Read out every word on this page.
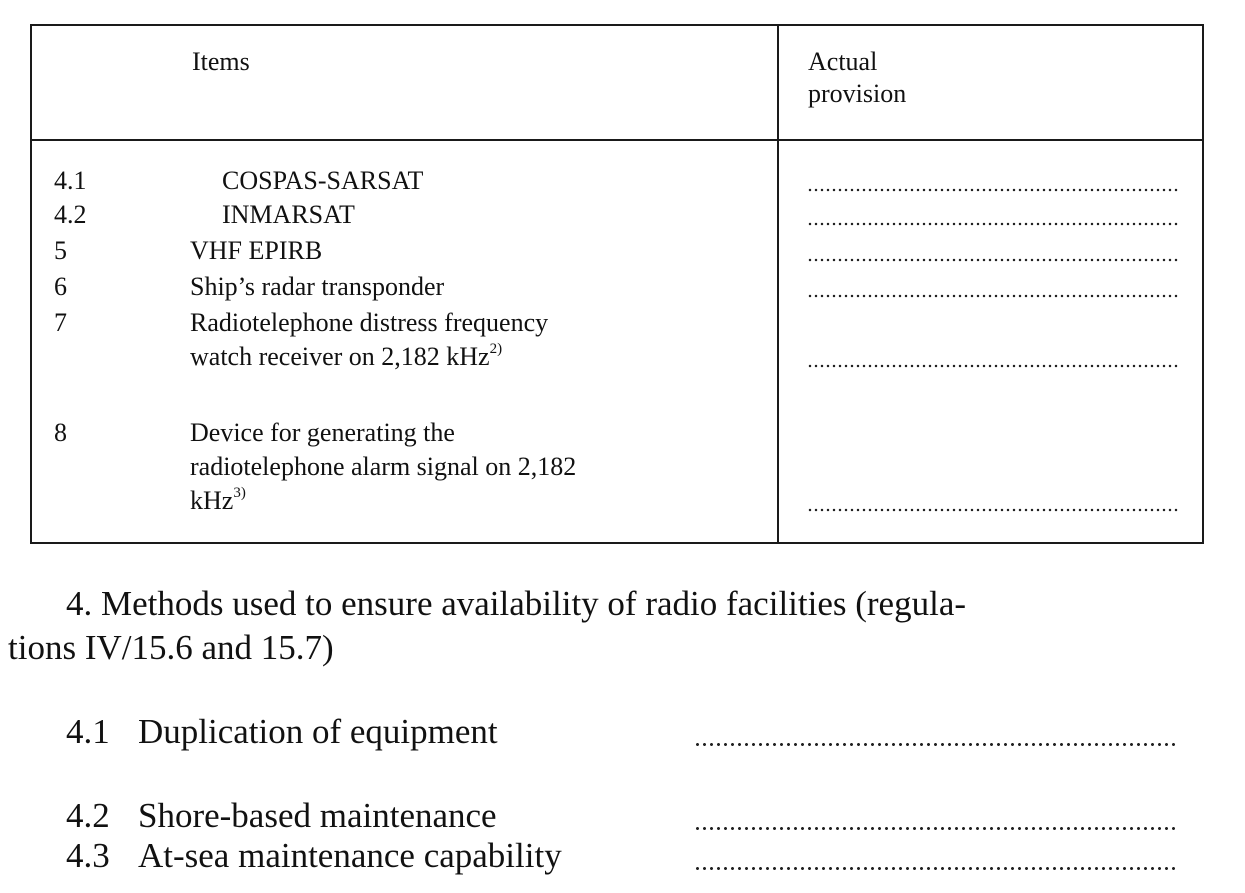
Items	Actual
provision
4.1	COSPAS-SARSAT
4.2	INMARSAT
5	VHF EPIRB
6	Ship’s radar transponder
7	Radiotelephone distress frequency
watch receiver on 2,182 kHz$^{2)}$
8	Device for generating the
radiotelephone alarm signal on 2,182
kHz$^{3)}$
4. Methods used to ensure availability of radio facilities (regula-
tions IV/15.6 and 15.7)
4.1 Duplication of equipment
4.2 Shore-based maintenance
4.3 At-sea maintenance capability
